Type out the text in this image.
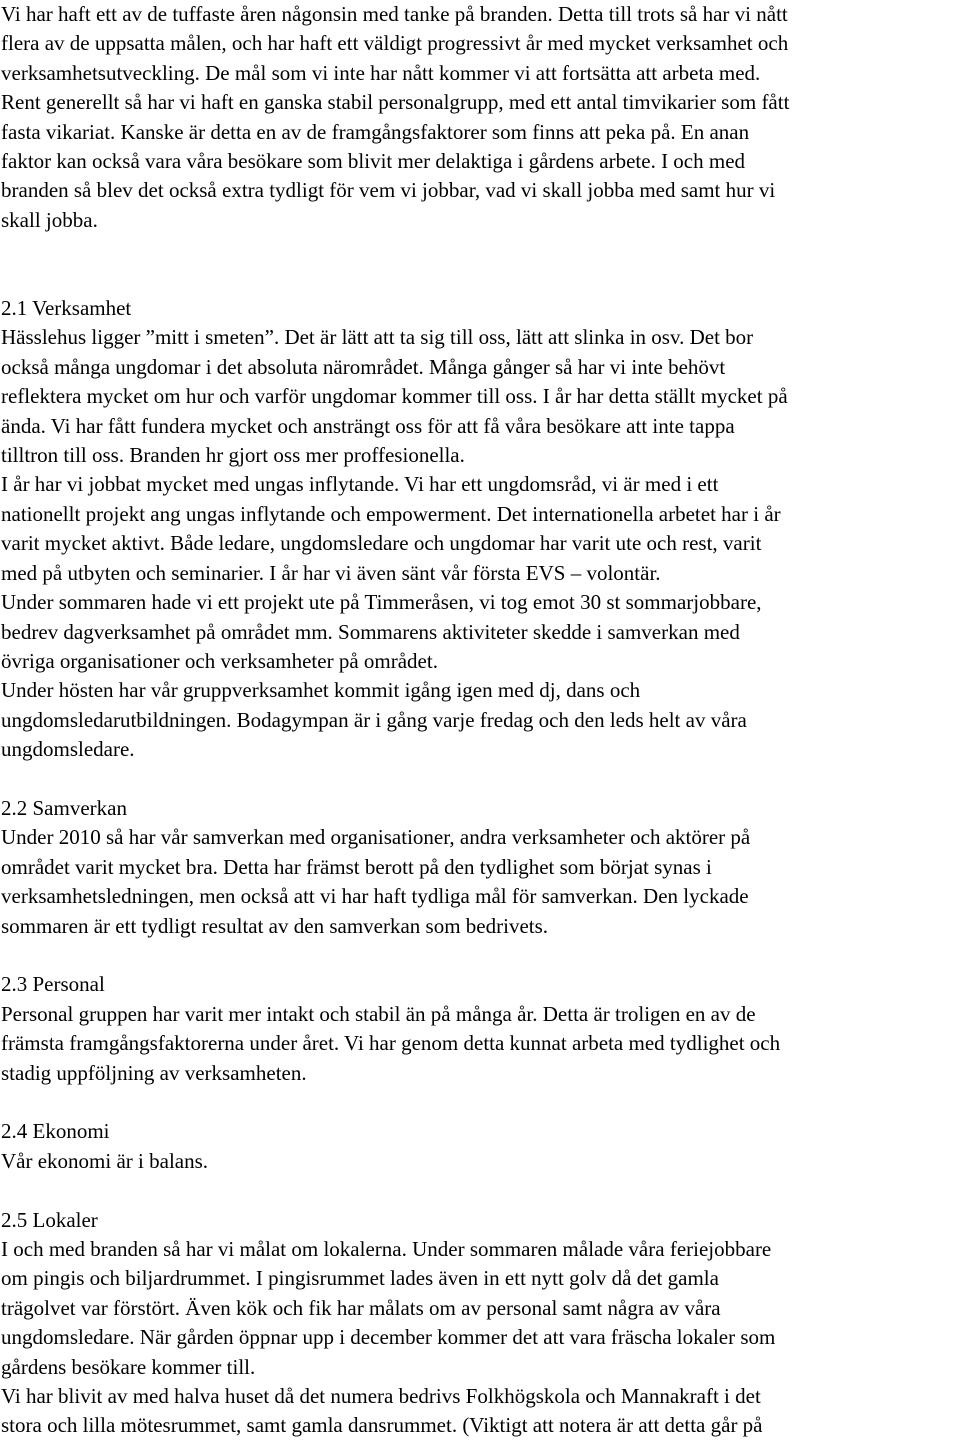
Vi har haft ett av de tuffaste åren någonsin med tanke på branden. Detta till trots så har vi nått
flera av de uppsatta målen, och har haft ett väldigt progressivt år med mycket verksamhet och
verksamhetsutveckling. De mål som vi inte har nått kommer vi att fortsätta att arbeta med.
Rent generellt så har vi haft en ganska stabil personalgrupp, med ett antal timvikarier som fått
fasta vikariat. Kanske är detta en av de framgångsfaktorer som finns att peka på. En anan
faktor kan också vara våra besökare som blivit mer delaktiga i gårdens arbete. I och med
branden så blev det också extra tydligt för vem vi jobbar, vad vi skall jobba med samt hur vi
skall jobba.

2.1 Verksamhet
Hässlehus ligger ”mitt i smeten”. Det är lätt att ta sig till oss, lätt att slinka in osv. Det bor
också många ungdomar i det absoluta närområdet. Många gånger så har vi inte behövt
reflektera mycket om hur och varför ungdomar kommer till oss. I år har detta ställt mycket på
ända. Vi har fått fundera mycket och ansträngt oss för att få våra besökare att inte tappa
tilltron till oss. Branden hr gjort oss mer proffesionella.
I år har vi jobbat mycket med ungas inflytande. Vi har ett ungdomsråd, vi är med i ett
nationellt projekt ang ungas inflytande och empowerment. Det internationella arbetet har i år
varit mycket aktivt. Både ledare, ungdomsledare och ungdomar har varit ute och rest, varit
med på utbyten och seminarier. I år har vi även sänt vår första EVS – volontär.
Under sommaren hade vi ett projekt ute på Timmeråsen, vi tog emot 30 st sommarjobbare,
bedrev dagverksamhet på området mm. Sommarens aktiviteter skedde i samverkan med
övriga organisationer och verksamheter på området.
Under hösten har vår gruppverksamhet kommit igång igen med dj, dans och
ungdomsledarutbildningen. Bodagympan är i gång varje fredag och den leds helt av våra
ungdomsledare.
2.2 Samverkan
Under 2010 så har vår samverkan med organisationer, andra verksamheter och aktörer på
området varit mycket bra. Detta har främst berott på den tydlighet som börjat synas i
verksamhetsledningen, men också att vi har haft tydliga mål för samverkan. Den lyckade
sommaren är ett tydligt resultat av den samverkan som bedrivets.
2.3 Personal
Personal gruppen har varit mer intakt och stabil än på många år. Detta är troligen en av de
främsta framgångsfaktorerna under året. Vi har genom detta kunnat arbeta med tydlighet och
stadig uppföljning av verksamheten.
2.4 Ekonomi
Vår ekonomi är i balans.
2.5 Lokaler
I och med branden så har vi målat om lokalerna. Under sommaren målade våra feriejobbare
om pingis och biljardrummet. I pingisrummet lades även in ett nytt golv då det gamla
trägolvet var förstört. Även kök och fik har målats om av personal samt några av våra
ungdomsledare. När gården öppnar upp i december kommer det att vara fräscha lokaler som
gårdens besökare kommer till.
Vi har blivit av med halva huset då det numera bedrivs Folkhögskola och Mannakraft i det
stora och lilla mötesrummet, samt gamla dansrummet. (Viktigt att notera är att detta går på
